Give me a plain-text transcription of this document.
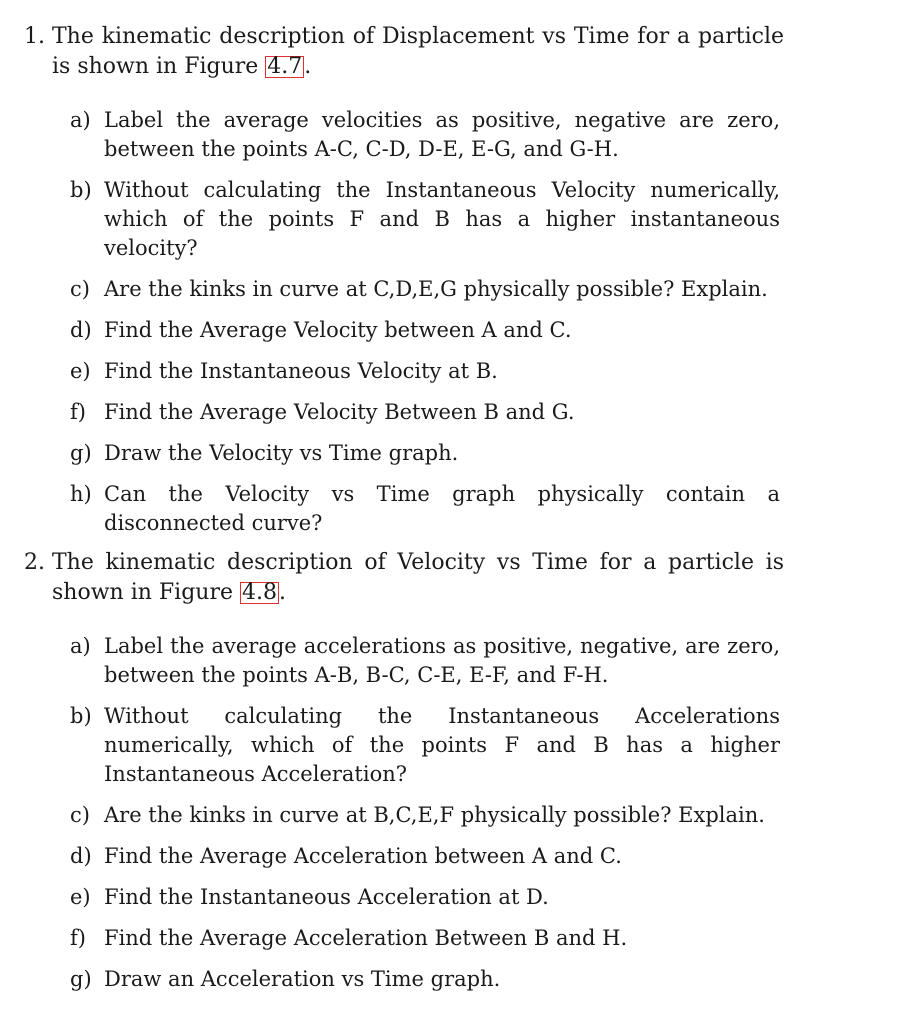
1. The kinematic description of Displacement vs Time for a particle is shown in Figure 4.7.
a) Label the average velocities as positive, negative are zero, between the points A-C, C-D, D-E, E-G, and G-H.
b) Without calculating the Instantaneous Velocity numerically, which of the points F and B has a higher instantaneous velocity?
c) Are the kinks in curve at C,D,E,G physically possible? Explain.
d) Find the Average Velocity between A and C.
e) Find the Instantaneous Velocity at B.
f) Find the Average Velocity Between B and G.
g) Draw the Velocity vs Time graph.
h) Can the Velocity vs Time graph physically contain a disconnected curve?
2. The kinematic description of Velocity vs Time for a particle is shown in Figure 4.8.
a) Label the average accelerations as positive, negative, are zero, between the points A-B, B-C, C-E, E-F, and F-H.
b) Without calculating the Instantaneous Accelerations numerically, which of the points F and B has a higher Instantaneous Acceleration?
c) Are the kinks in curve at B,C,E,F physically possible? Explain.
d) Find the Average Acceleration between A and C.
e) Find the Instantaneous Acceleration at D.
f) Find the Average Acceleration Between B and H.
g) Draw an Acceleration vs Time graph.
